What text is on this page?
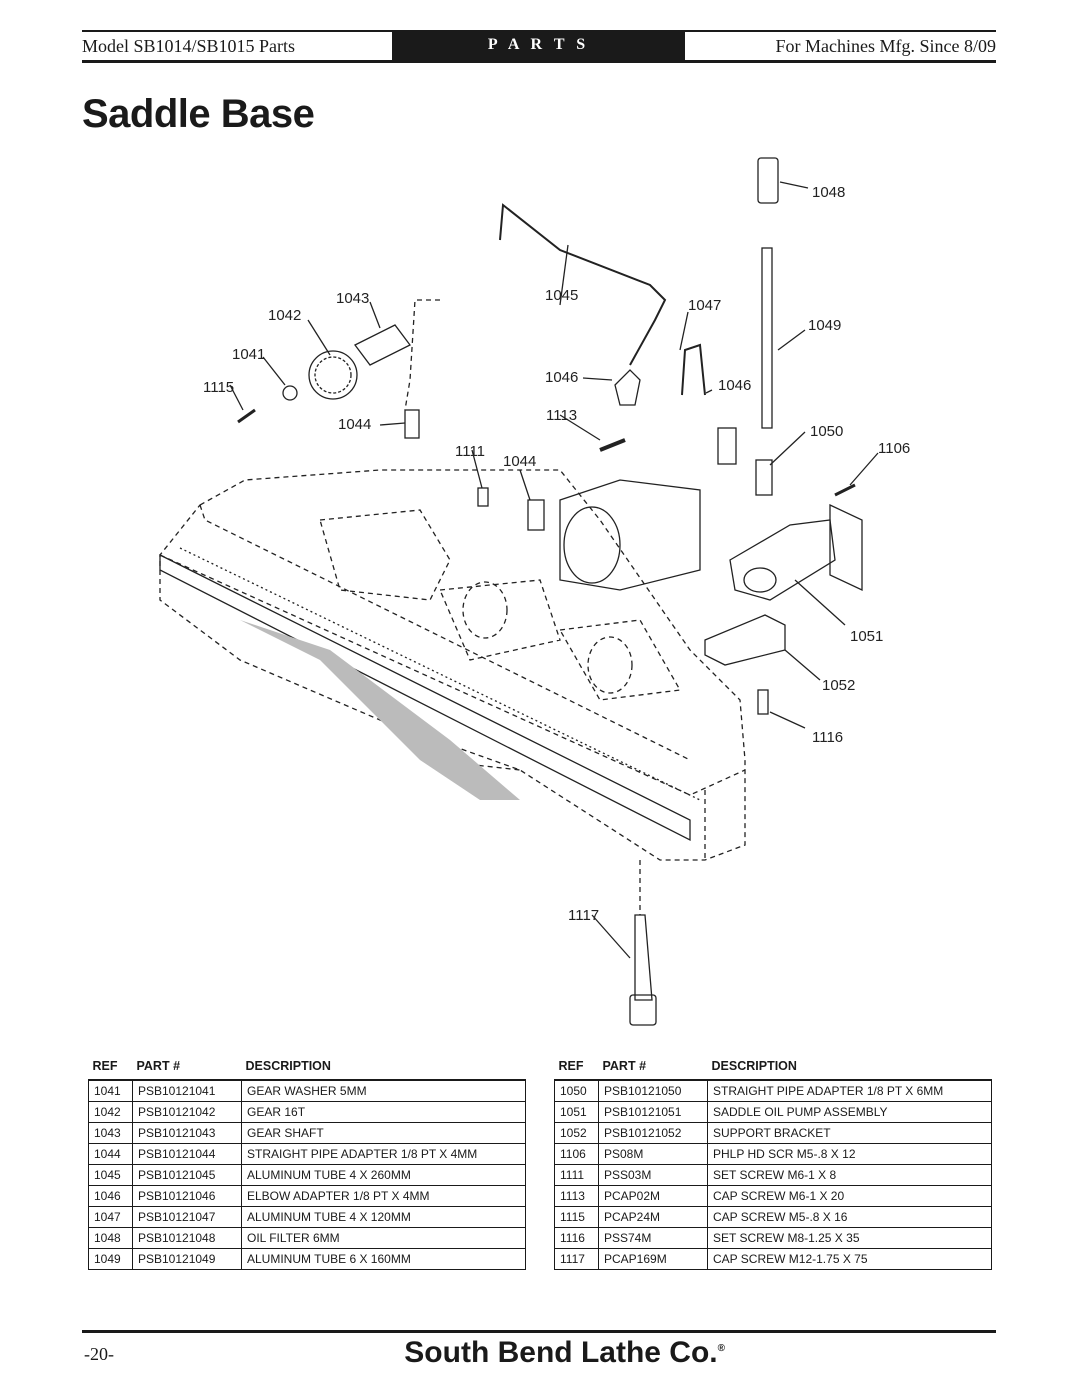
Model SB1014/SB1015 Parts	P A R T S	For Machines Mfg. Since 8/09
Saddle Base
1048
1045
1043
1042
1047
1049
1041
1046
1115	1046
1113
1044	1050
1111	1106
1044
1051
1052
1116
1117
REF	PART #	DESCRIPTION
1041	PSB10121041	GEAR WASHER 5MM
1042	PSB10121042	GEAR 16T
1043	PSB10121043	GEAR SHAFT
1044	PSB10121044	STRAIGHT PIPE ADAPTER 1/8 PT X 4MM
1045	PSB10121045	ALUMINUM TUBE 4 X 260MM
1046	PSB10121046	ELBOW ADAPTER 1/8 PT X 4MM
1047	PSB10121047	ALUMINUM TUBE 4 X 120MM
1048	PSB10121048	OIL FILTER 6MM
1049	PSB10121049	ALUMINUM TUBE 6 X 160MM
REF	PART #	DESCRIPTION
1050	PSB10121050	STRAIGHT PIPE ADAPTER 1/8 PT X 6MM
1051	PSB10121051	SADDLE OIL PUMP ASSEMBLY
1052	PSB10121052	SUPPORT BRACKET
1106	PS08M	PHLP HD SCR M5-.8 X 12
1111	PSS03M	SET SCREW M6-1 X 8
1113	PCAP02M	CAP SCREW M6-1 X 20
1115	PCAP24M	CAP SCREW M5-.8 X 16
1116	PSS74M	SET SCREW M8-1.25 X 35
1117	PCAP169M	CAP SCREW M12-1.75 X 75
-20-	South Bend Lathe Co.®
